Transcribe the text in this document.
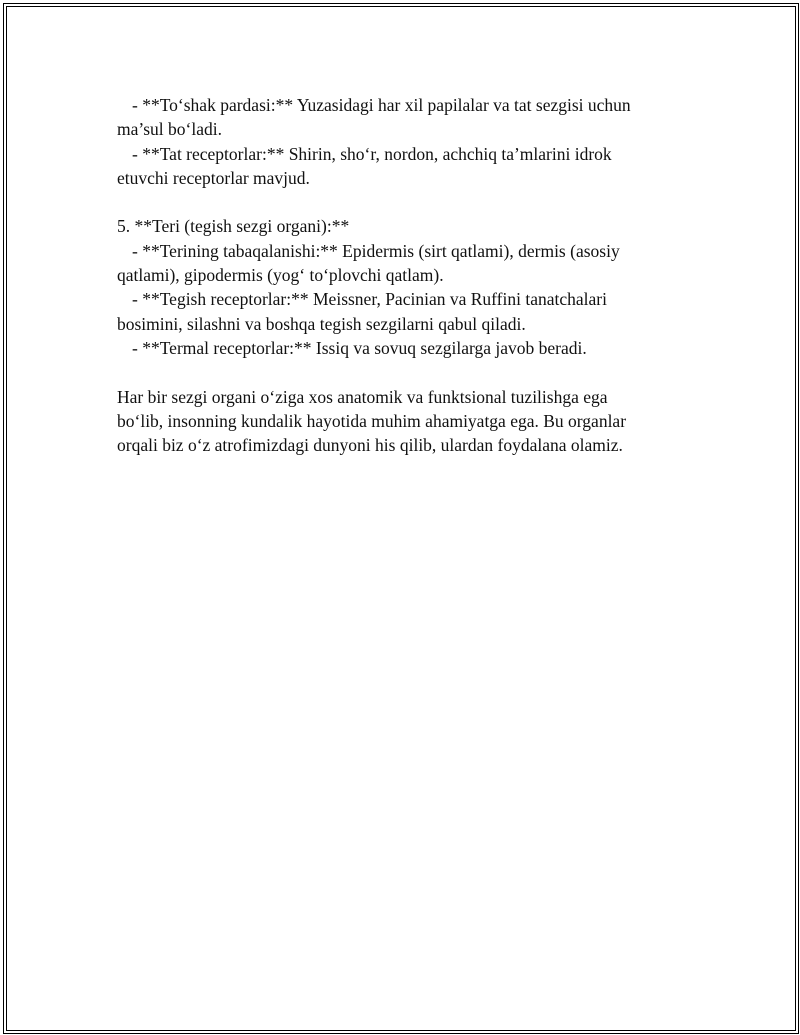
- **To‘shak pardasi:** Yuzasidagi har xil papilalar va tat sezgisi uchun
ma’sul bo‘ladi.
- **Tat receptorlar:** Shirin, sho‘r, nordon, achchiq ta’mlarini idrok
etuvchi receptorlar mavjud.
5. **Teri (tegish sezgi organi):**
- **Terining tabaqalanishi:** Epidermis (sirt qatlami), dermis (asosiy
qatlami), gipodermis (yog‘ to‘plovchi qatlam).
- **Tegish receptorlar:** Meissner, Pacinian va Ruffini tanatchalari
bosimini, silashni va boshqa tegish sezgilarni qabul qiladi.
- **Termal receptorlar:** Issiq va sovuq sezgilarga javob beradi.
Har bir sezgi organi o‘ziga xos anatomik va funktsional tuzilishga ega
bo‘lib, insonning kundalik hayotida muhim ahamiyatga ega. Bu organlar
orqali biz o‘z atrofimizdagi dunyoni his qilib, ulardan foydalana olamiz.
